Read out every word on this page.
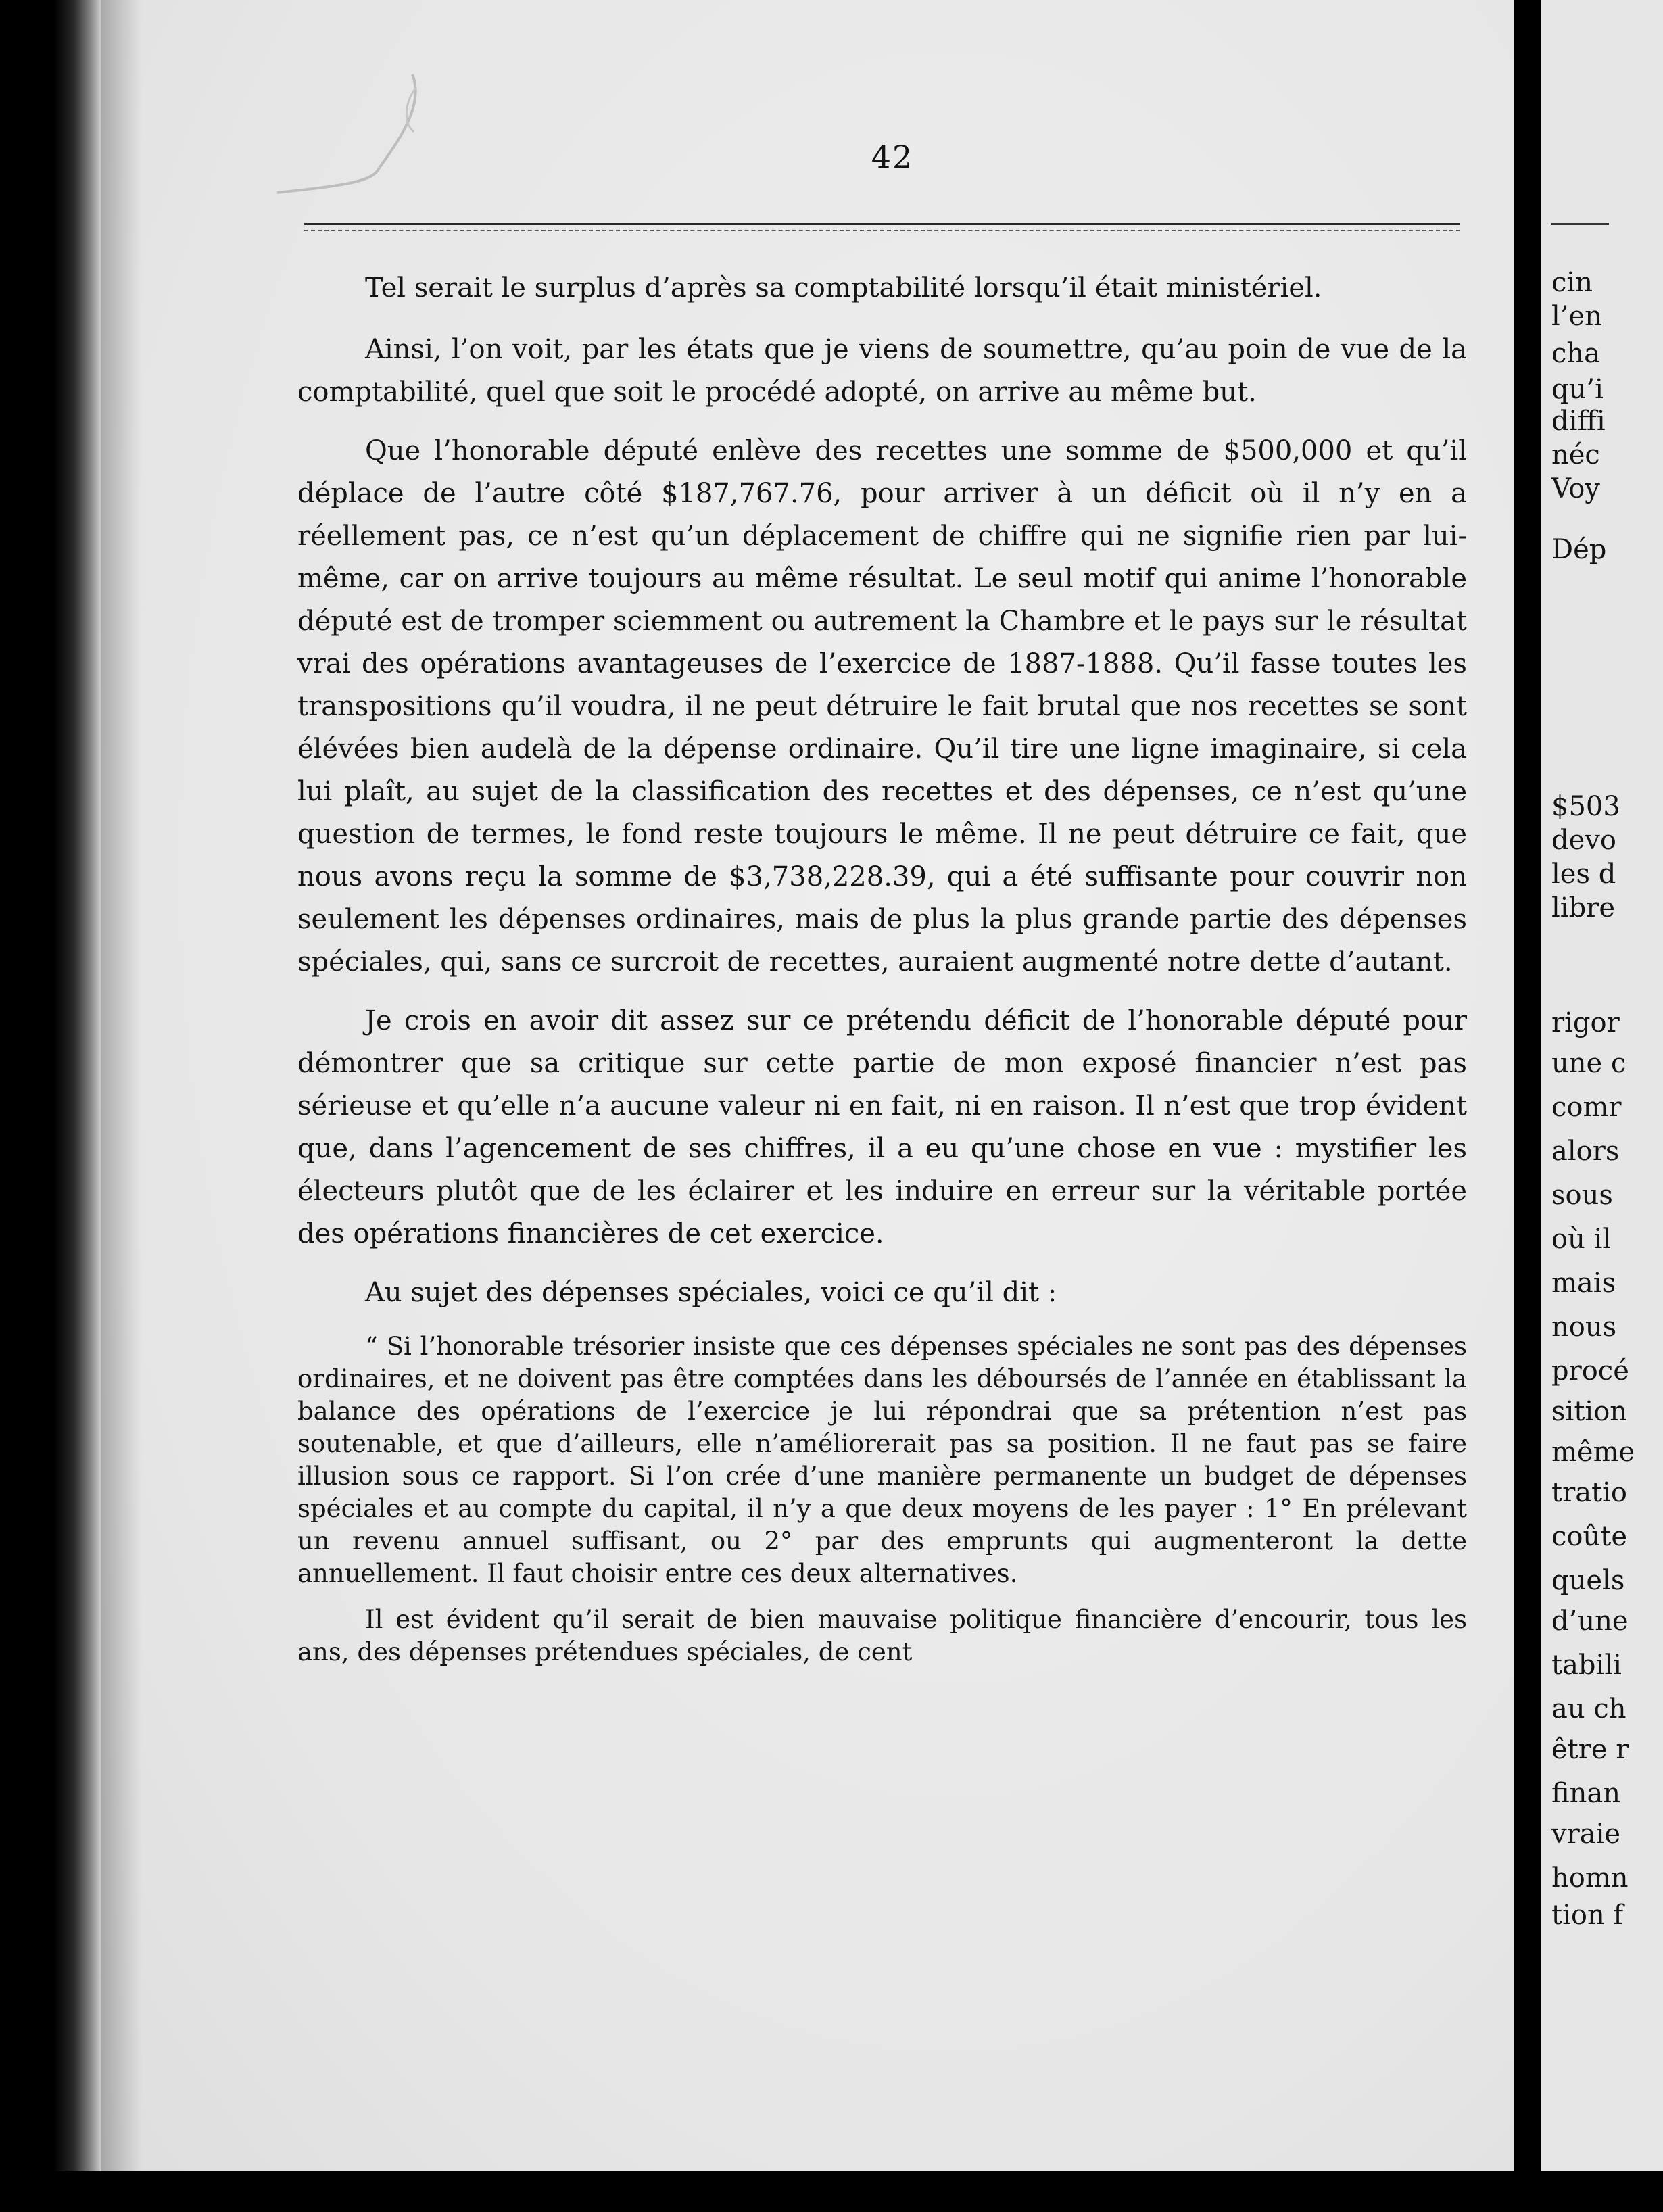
42

Tel serait le surplus d’après sa comptabilité lorsqu’il était ministériel.

Ainsi, l’on voit, par les états que je viens de soumettre, qu’au poin de vue de la comptabilité, quel que soit le procédé adopté, on arrive au même but.

Que l’honorable député enlève des recettes une somme de $500,000 et qu’il déplace de l’autre côté $187,767.76, pour arriver à un déficit où il n’y en a réellement pas, ce n’est qu’un déplacement de chiffre qui ne signifie rien par lui-même, car on arrive toujours au même résultat. Le seul motif qui anime l’honorable député est de tromper sciemment ou autrement la Chambre et le pays sur le résultat vrai des opérations avantageuses de l’exercice de 1887-1888. Qu’il fasse toutes les transpositions qu’il voudra, il ne peut détruire le fait brutal que nos recettes se sont élévées bien audelà de la dépense ordinaire. Qu’il tire une ligne imaginaire, si cela lui plaît, au sujet de la classification des recettes et des dépenses, ce n’est qu’une question de termes, le fond reste toujours le même. Il ne peut détruire ce fait, que nous avons reçu la somme de $3,738,228.39, qui a été suffisante pour couvrir non seulement les dépenses ordinaires, mais de plus la plus grande partie des dépenses spéciales, qui, sans ce surcroit de recettes, auraient augmenté notre dette d’autant.

Je crois en avoir dit assez sur ce prétendu déficit de l’honorable député pour démontrer que sa critique sur cette partie de mon exposé financier n’est pas sérieuse et qu’elle n’a aucune valeur ni en fait, ni en raison. Il n’est que trop évident que, dans l’agencement de ses chiffres, il a eu qu’une chose en vue : mystifier les électeurs plutôt que de les éclairer et les induire en erreur sur la véritable portée des opérations financières de cet exercice.

Au sujet des dépenses spéciales, voici ce qu’il dit :

“ Si l’honorable trésorier insiste que ces dépenses spéciales ne sont pas des dépenses ordinaires, et ne doivent pas être comptées dans les déboursés de l’année en établissant la balance des opérations de l’exercice je lui répondrai que sa prétention n’est pas soutenable, et que d’ailleurs, elle n’améliorerait pas sa position. Il ne faut pas se faire illusion sous ce rapport. Si l’on crée d’une manière permanente un budget de dépenses spéciales et au compte du capital, il n’y a que deux moyens de les payer : 1° En prélevant un revenu annuel suffisant, ou 2° par des emprunts qui augmenteront la dette annuellement. Il faut choisir entre ces deux alternatives.

Il est évident qu’il serait de bien mauvaise politique financière d’encourir, tous les ans, des dépenses prétendues spéciales, de cent

cin
l’en
cha
qu’i
diffi
néc
Voy
Dép
$503
devo
les d
libre
rigor
une c
comr
alors
sous
où il
mais
nous
procé
sition
même
tratio
coûte
quels
d’une
tabili
au ch
être r
finan
vraie
homn
tion f
